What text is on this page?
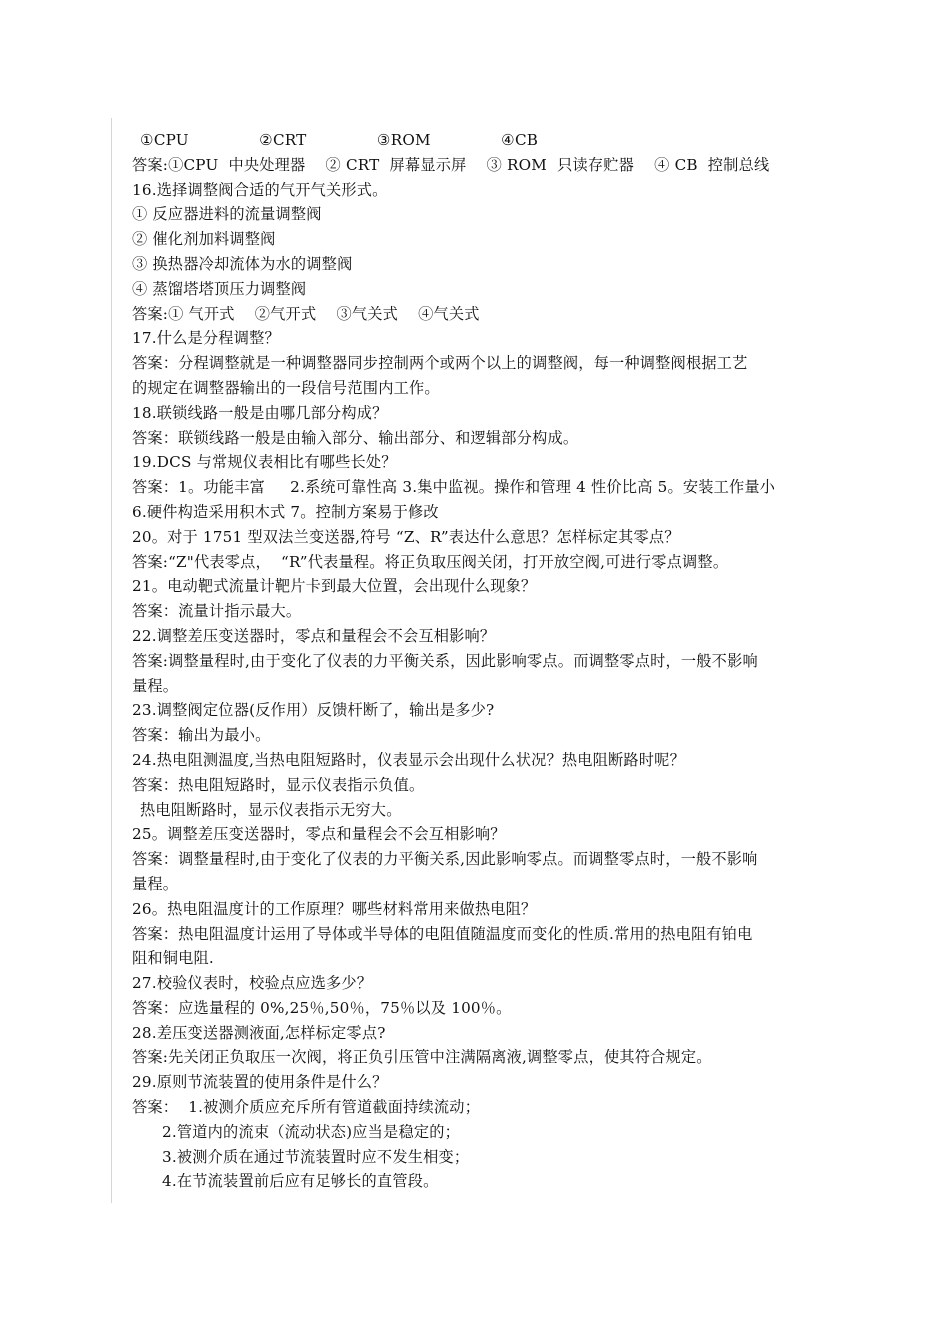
①CPU              ②CRT              ③ROM              ④CB
答案:①CPU  中央处理器    ② CRT  屏幕显示屏    ③ ROM  只读存贮器    ④ CB  控制总线
16.选择调整阀合适的气开气关形式。
① 反应器进料的流量调整阀
② 催化剂加料调整阀
③ 换热器冷却流体为水的调整阀
④ 蒸馏塔塔顶压力调整阀
答案:① 气开式    ②气开式    ③气关式    ④气关式
17.什么是分程调整？
答案：分程调整就是一种调整器同步控制两个或两个以上的调整阀，每一种调整阀根据工艺
的规定在调整器输出的一段信号范围内工作。
18.联锁线路一般是由哪几部分构成？
答案：联锁线路一般是由输入部分、输出部分、和逻辑部分构成。
19.DCS 与常规仪表相比有哪些长处？
答案：1。功能丰富     2.系统可靠性高 3.集中监视。操作和管理 4 性价比高 5。安装工作量小
6.硬件构造采用积木式 7。控制方案易于修改
20。对于 1751 型双法兰变送器,符号 “Z、R”表达什么意思？怎样标定其零点？
答案:“Z"代表零点，  “R”代表量程。将正负取压阀关闭，打开放空阀,可进行零点调整。
21。电动靶式流量计靶片卡到最大位置，会出现什么现象？
答案：流量计指示最大。
22.调整差压变送器时，零点和量程会不会互相影响？
答案:调整量程时,由于变化了仪表的力平衡关系，因此影响零点。而调整零点时，一般不影响
量程。
23.调整阀定位器(反作用）反馈杆断了，输出是多少?
答案：输出为最小。
24.热电阻测温度,当热电阻短路时，仪表显示会出现什么状况？热电阻断路时呢？
答案：热电阻短路时，显示仪表指示负值。
热电阻断路时，显示仪表指示无穷大。
25。调整差压变送器时，零点和量程会不会互相影响？
答案：调整量程时,由于变化了仪表的力平衡关系,因此影响零点。而调整零点时，一般不影响
量程。
26。热电阻温度计的工作原理？哪些材料常用来做热电阻？
答案：热电阻温度计运用了导体或半导体的电阻值随温度而变化的性质.常用的热电阻有铂电
阻和铜电阻.
27.校验仪表时，校验点应选多少？
答案：应选量程的 0%,25％,50％，75％以及 100％。
28.差压变送器测液面,怎样标定零点?
答案:先关闭正负取压一次阀，将正负引压管中注满隔离液,调整零点，使其符合规定。
29.原则节流装置的使用条件是什么？
答案：  1.被测介质应充斥所有管道截面持续流动；
2.管道内的流束（流动状态)应当是稳定的；
3.被测介质在通过节流装置时应不发生相变；
4.在节流装置前后应有足够长的直管段。
